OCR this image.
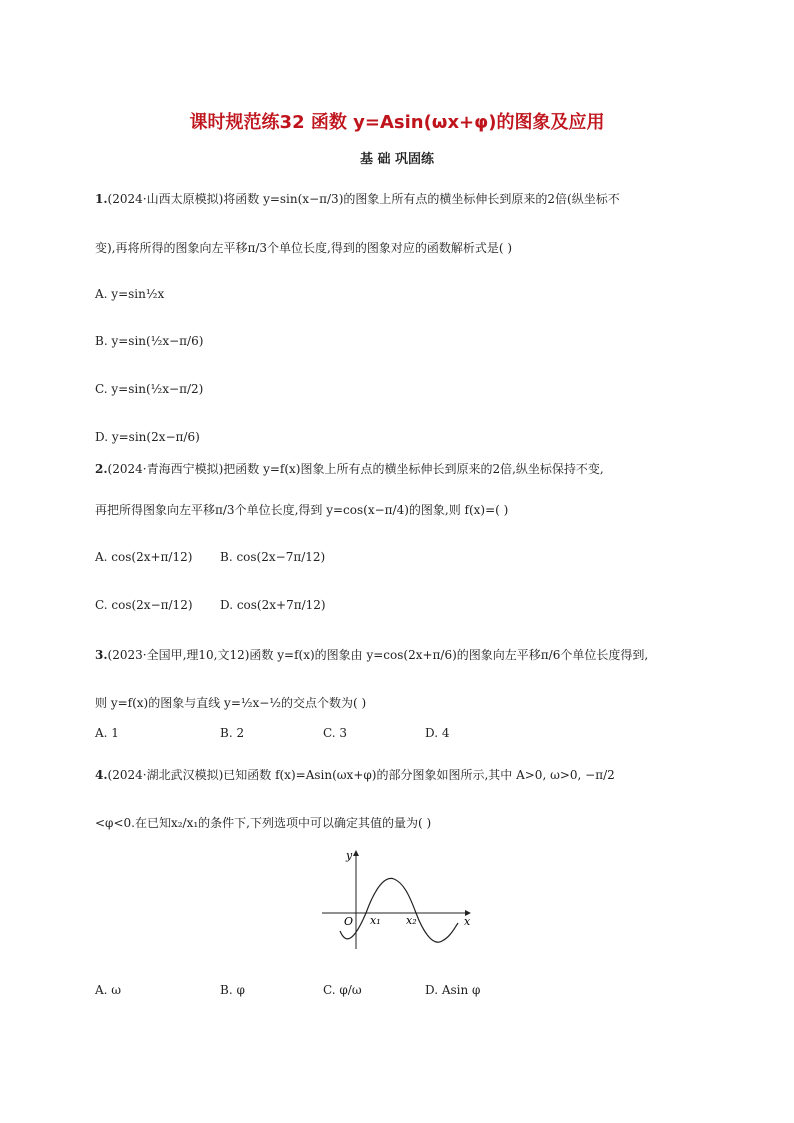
课时规范练32 函数 y=Asin(ωx+φ)的图象及应用
基 础 巩固练
1.(2024·山西太原模拟)将函数 y=sin(x−π/3)的图象上所有点的横坐标伸长到原来的2倍(纵坐标不
变),再将所得的图象向左平移π/3个单位长度,得到的图象对应的函数解析式是( )
A. y=sin½x
B. y=sin(½x−π/6)
C. y=sin(½x−π/2)
D. y=sin(2x−π/6)
2.(2024·青海西宁模拟)把函数 y=f(x)图象上所有点的横坐标伸长到原来的2倍,纵坐标保持不变,
再把所得图象向左平移π/3个单位长度,得到 y=cos(x−π/4)的图象,则 f(x)=( )
A. cos(2x+π/12) B. cos(2x−7π/12)
C. cos(2x−π/12) D. cos(2x+7π/12)
3.(2023·全国甲,理10,文12)函数 y=f(x)的图象由 y=cos(2x+π/6)的图象向左平移π/6个单位长度得到,
则 y=f(x)的图象与直线 y=½x−½的交点个数为( )
A. 1	B. 2	C. 3	D. 4
4.(2024·湖北武汉模拟)已知函数 f(x)=Asin(ωx+φ)的部分图象如图所示,其中 A>0, ω>0, −π/2
<φ<0.在已知x₂/x₁的条件下,下列选项中可以确定其值的量为( )
y
x
O x₁ x₂
A. ω	B. φ	C. φ/ω	D. Asin φ
